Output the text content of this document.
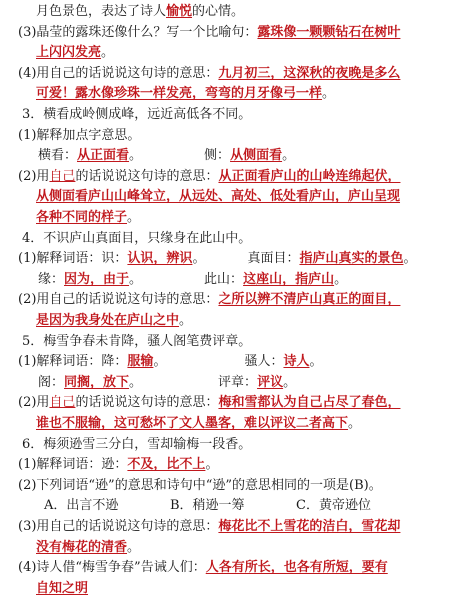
月色景色，表达了诗人愉悦的心情。
(3)晶莹的露珠还像什么？写一个比喻句：露珠像一颗颗钻石在树叶
上闪闪发亮。
(4)用自己的话说说这句诗的意思：九月初三，这深秋的夜晚是多么
可爱！露水像珍珠一样发亮，弯弯的月牙像弓一样。
3．横看成岭侧成峰，远近高低各不同。
(1)解释加点字意思。
横看：从正面看。	侧：从侧面看。
(2)用自己的话说说这句诗的意思：从正面看庐山的山岭连绵起伏，
从侧面看庐山山峰耸立，从远处、高处、低处看庐山，庐山呈现
各种不同的样子。
4．不识庐山真面目，只缘身在此山中。
(1)解释词语：识：认识，辨识。	真面目：指庐山真实的景色。
缘：因为，由于。	此山：这座山，指庐山。
(2)用自己的话说说这句诗的意思：之所以辨不清庐山真正的面目，
是因为我身处在庐山之中。
5．梅雪争春未肯降，骚人阁笔费评章。
(1)解释词语：降：服输。	骚人：诗人。
阁：同搁，放下。	评章：评议。
(2)用自己的话说说这句诗的意思：梅和雪都认为自己占尽了春色，
谁也不服输，这可愁坏了文人墨客，难以评议二者高下。
6．梅须逊雪三分白，雪却输梅一段香。
(1)解释词语：逊：不及，比不上。
(2)下列词语“逊”的意思和诗句中“逊”的意思相同的一项是(B)。
A．出言不逊	B．稍逊一筹	C．黄帝逊位
(3)用自己的话说说这句诗的意思：梅花比不上雪花的洁白，雪花却
没有梅花的清香。
(4)诗人借“梅雪争春”告诫人们：人各有所长，也各有所短，要有
自知之明
